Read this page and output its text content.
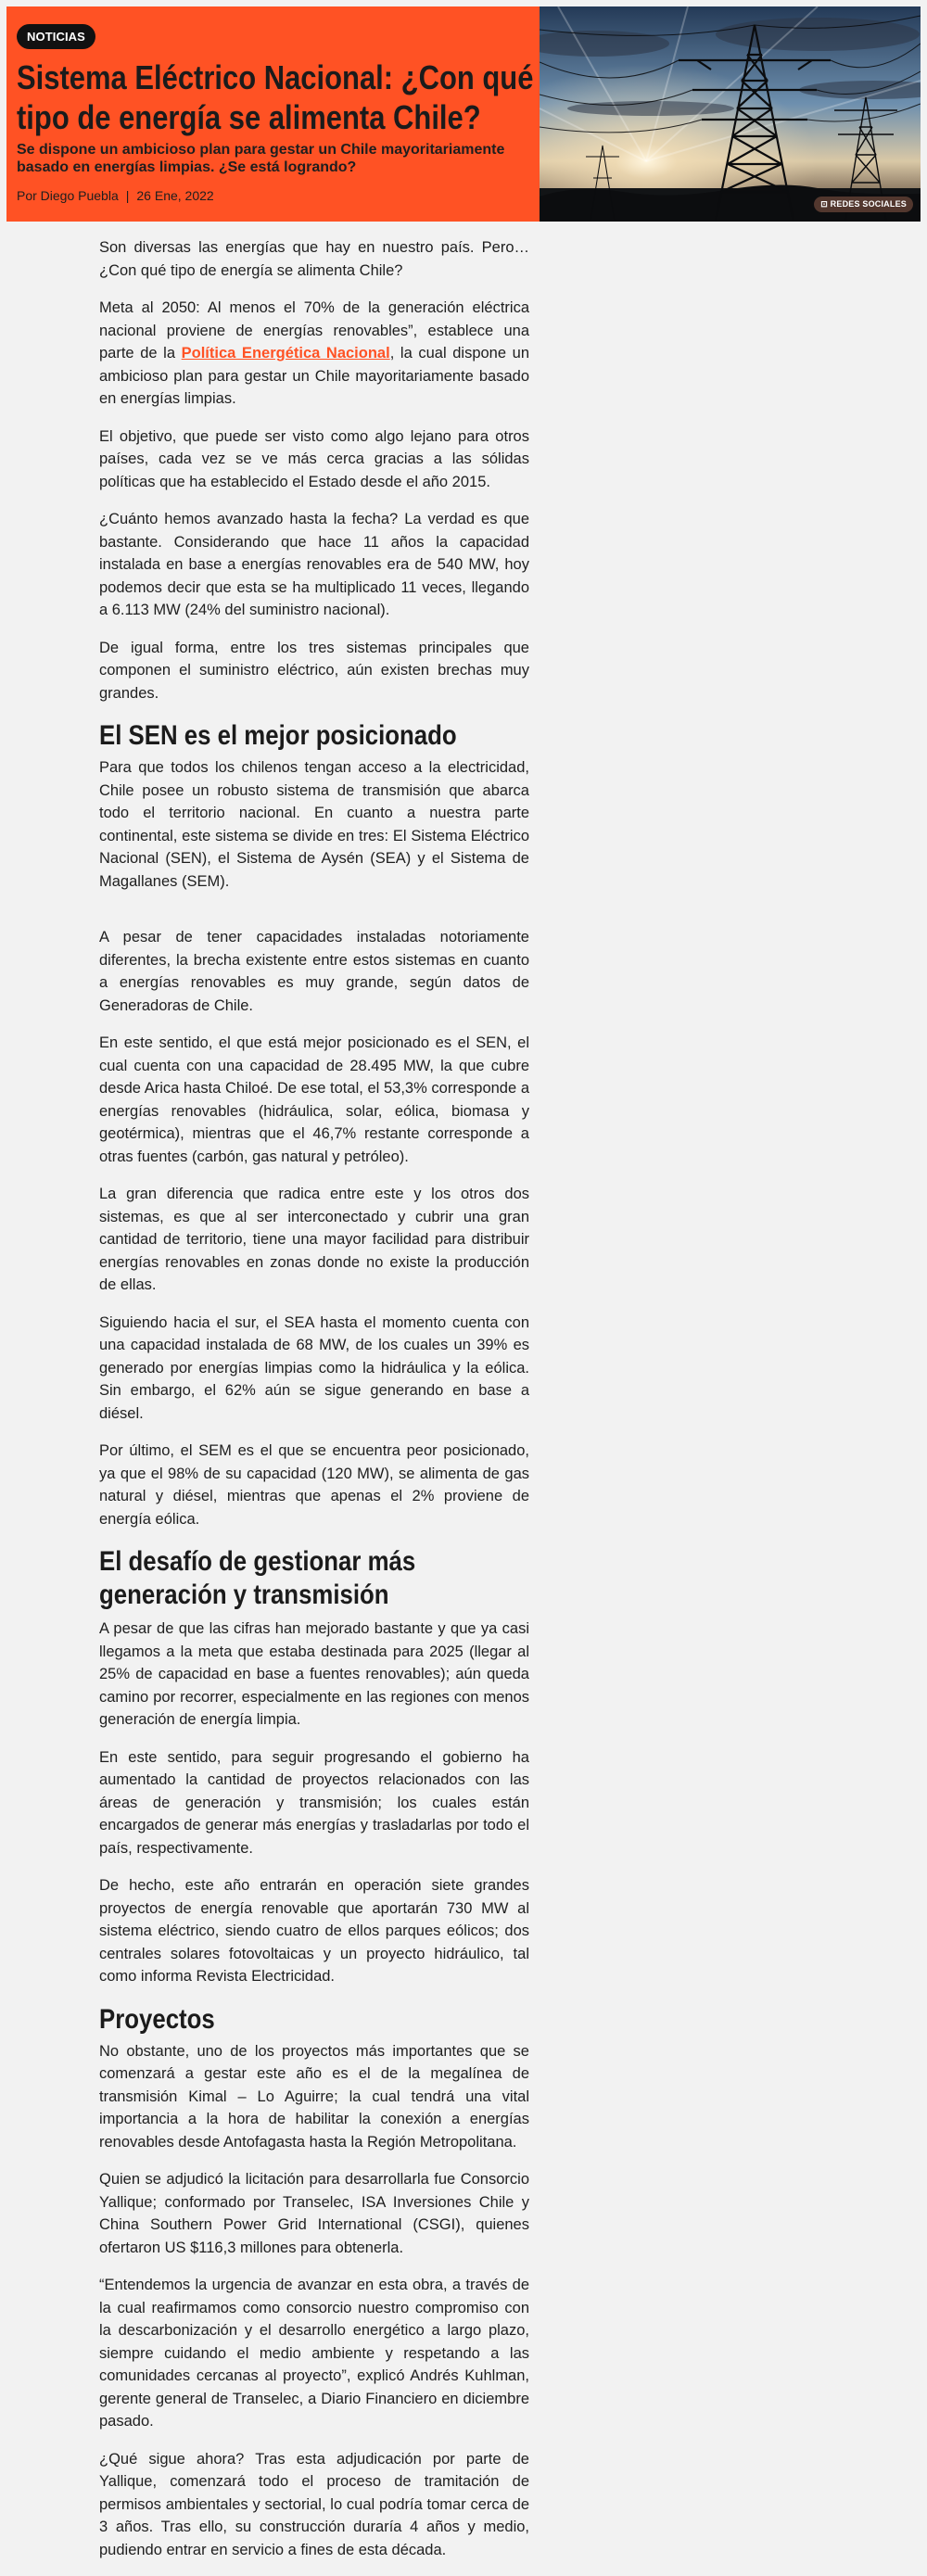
NOTICIAS
Sistema Eléctrico Nacional: ¿Con qué tipo de energía se alimenta Chile?
Se dispone un ambicioso plan para gestar un Chile mayoritariamente basado en energías limpias. ¿Se está logrando?
Por Diego Puebla | 26 Ene, 2022
⊡ REDES SOCIALES

Son diversas las energías que hay en nuestro país. Pero… ¿Con qué tipo de energía se alimenta Chile?

Meta al 2050: Al menos el 70% de la generación eléctrica nacional proviene de energías renovables”, establece una parte de la Política Energética Nacional, la cual dispone un ambicioso plan para gestar un Chile mayoritariamente basado en energías limpias.

El objetivo, que puede ser visto como algo lejano para otros países, cada vez se ve más cerca gracias a las sólidas políticas que ha establecido el Estado desde el año 2015.

¿Cuánto hemos avanzado hasta la fecha? La verdad es que bastante. Considerando que hace 11 años la capacidad instalada en base a energías renovables era de 540 MW, hoy podemos decir que esta se ha multiplicado 11 veces, llegando a 6.113 MW (24% del suministro nacional).

De igual forma, entre los tres sistemas principales que componen el suministro eléctrico, aún existen brechas muy grandes.

El SEN es el mejor posicionado

Para que todos los chilenos tengan acceso a la electricidad, Chile posee un robusto sistema de transmisión que abarca todo el territorio nacional. En cuanto a nuestra parte continental, este sistema se divide en tres: El Sistema Eléctrico Nacional (SEN), el Sistema de Aysén (SEA) y el Sistema de Magallanes (SEM).

A pesar de tener capacidades instaladas notoriamente diferentes, la brecha existente entre estos sistemas en cuanto a energías renovables es muy grande, según datos de Generadoras de Chile.

En este sentido, el que está mejor posicionado es el SEN, el cual cuenta con una capacidad de 28.495 MW, la que cubre desde Arica hasta Chiloé. De ese total, el 53,3% corresponde a energías renovables (hidráulica, solar, eólica, biomasa y geotérmica), mientras que el 46,7% restante corresponde a otras fuentes (carbón, gas natural y petróleo).

La gran diferencia que radica entre este y los otros dos sistemas, es que al ser interconectado y cubrir una gran cantidad de territorio, tiene una mayor facilidad para distribuir energías renovables en zonas donde no existe la producción de ellas.

Siguiendo hacia el sur, el SEA hasta el momento cuenta con una capacidad instalada de 68 MW, de los cuales un 39% es generado por energías limpias como la hidráulica y la eólica. Sin embargo, el 62% aún se sigue generando en base a diésel.

Por último, el SEM es el que se encuentra peor posicionado, ya que el 98% de su capacidad (120 MW), se alimenta de gas natural y diésel, mientras que apenas el 2% proviene de energía eólica.

El desafío de gestionar más generación y transmisión

A pesar de que las cifras han mejorado bastante y que ya casi llegamos a la meta que estaba destinada para 2025 (llegar al 25% de capacidad en base a fuentes renovables); aún queda camino por recorrer, especialmente en las regiones con menos generación de energía limpia.

En este sentido, para seguir progresando el gobierno ha aumentado la cantidad de proyectos relacionados con las áreas de generación y transmisión; los cuales están encargados de generar más energías y trasladarlas por todo el país, respectivamente.

De hecho, este año entrarán en operación siete grandes proyectos de energía renovable que aportarán 730 MW al sistema eléctrico, siendo cuatro de ellos parques eólicos; dos centrales solares fotovoltaicas y un proyecto hidráulico, tal como informa Revista Electricidad.

Proyectos

No obstante, uno de los proyectos más importantes que se comenzará a gestar este año es el de la megalínea de transmisión Kimal – Lo Aguirre; la cual tendrá una vital importancia a la hora de habilitar la conexión a energías renovables desde Antofagasta hasta la Región Metropolitana.

Quien se adjudicó la licitación para desarrollarla fue Consorcio Yallique; conformado por Transelec, ISA Inversiones Chile y China Southern Power Grid International (CSGI), quienes ofertaron US $116,3 millones para obtenerla.

“Entendemos la urgencia de avanzar en esta obra, a través de la cual reafirmamos como consorcio nuestro compromiso con la descarbonización y el desarrollo energético a largo plazo, siempre cuidando el medio ambiente y respetando a las comunidades cercanas al proyecto”, explicó Andrés Kuhlman, gerente general de Transelec, a Diario Financiero en diciembre pasado.

¿Qué sigue ahora? Tras esta adjudicación por parte de Yallique, comenzará todo el proceso de tramitación de permisos ambientales y sectorial, lo cual podría tomar cerca de 3 años. Tras ello, su construcción duraría 4 años y medio, pudiendo entrar en servicio a fines de esta década.
